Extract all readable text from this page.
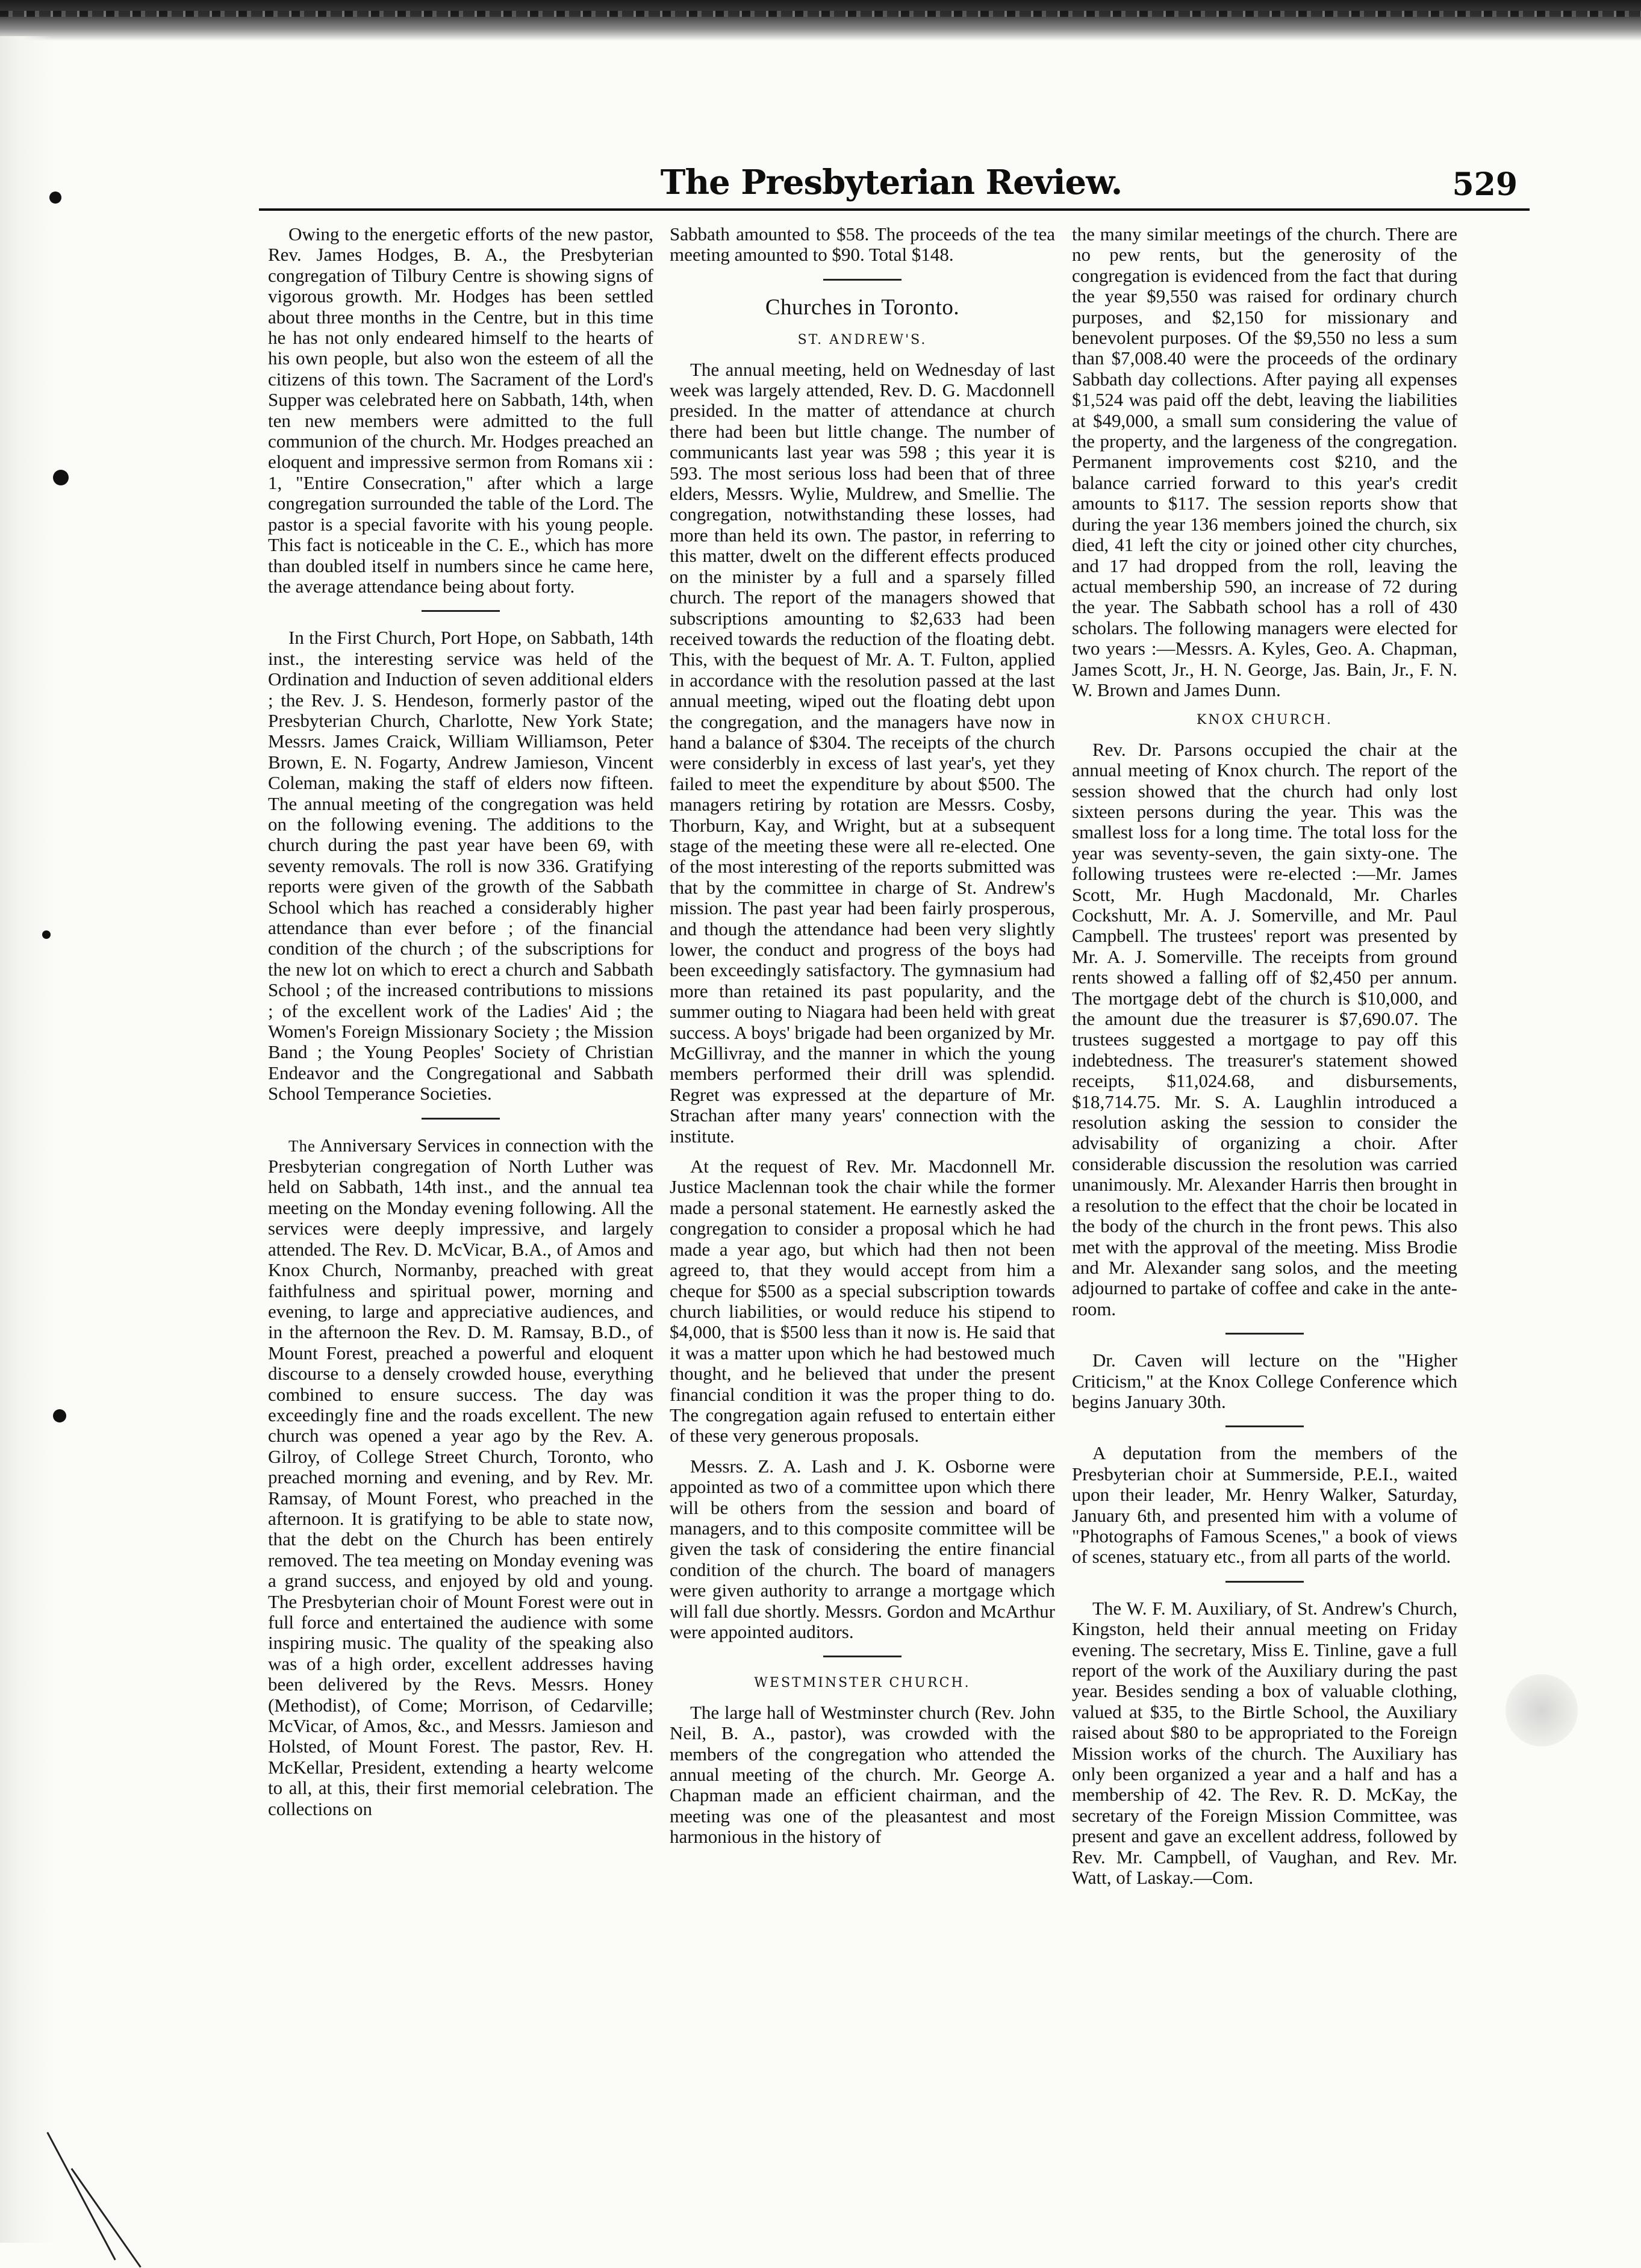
The Presbyterian Review.	529

Owing to the energetic efforts of the new pastor, Rev. James Hodges, B. A., the Presbyterian congregation of Tilbury Centre is showing signs of vigorous growth. Mr. Hodges has been settled about three months in the Centre, but in this time he has not only endeared himself to the hearts of his own people, but also won the esteem of all the citizens of this town. The Sacrament of the Lord's Supper was celebrated here on Sabbath, 14th, when ten new members were admitted to the full communion of the church. Mr. Hodges preached an eloquent and impressive sermon from Romans xii : 1, "Entire Consecration," after which a large congregation surrounded the table of the Lord. The pastor is a special favorite with his young people. This fact is noticeable in the C. E., which has more than doubled itself in numbers since he came here, the average attendance being about forty.

In the First Church, Port Hope, on Sabbath, 14th inst., the interesting service was held of the Ordination and Induction of seven additional elders ; the Rev. J. S. Hendeson, formerly pastor of the Presbyterian Church, Charlotte, New York State; Messrs. James Craick, William Williamson, Peter Brown, E. N. Fogarty, Andrew Jamieson, Vincent Coleman, making the staff of elders now fifteen. The annual meeting of the congregation was held on the following evening. The additions to the church during the past year have been 69, with seventy removals. The roll is now 336. Gratifying reports were given of the growth of the Sabbath School which has reached a considerably higher attendance than ever before ; of the financial condition of the church ; of the subscriptions for the new lot on which to erect a church and Sabbath School ; of the increased contributions to missions ; of the excellent work of the Ladies' Aid ; the Women's Foreign Missionary Society ; the Mission Band ; the Young Peoples' Society of Christian Endeavor and the Congregational and Sabbath School Temperance Societies.

The Anniversary Services in connection with the Presbyterian congregation of North Luther was held on Sabbath, 14th inst., and the annual tea meeting on the Monday evening following. All the services were deeply impressive, and largely attended. The Rev. D. McVicar, B.A., of Amos and Knox Church, Normanby, preached with great faithfulness and spiritual power, morning and evening, to large and appreciative audiences, and in the afternoon the Rev. D. M. Ramsay, B.D., of Mount Forest, preached a powerful and eloquent discourse to a densely crowded house, everything combined to ensure success. The day was exceedingly fine and the roads excellent. The new church was opened a year ago by the Rev. A. Gilroy, of College Street Church, Toronto, who preached morning and evening, and by Rev. Mr. Ramsay, of Mount Forest, who preached in the afternoon. It is gratifying to be able to state now, that the debt on the Church has been entirely removed. The tea meeting on Monday evening was a grand success, and enjoyed by old and young. The Presbyterian choir of Mount Forest were out in full force and entertained the audience with some inspiring music. The quality of the speaking also was of a high order, excellent addresses having been delivered by the Revs. Messrs. Honey (Methodist), of Come; Morrison, of Cedarville; McVicar, of Amos, &c., and Messrs. Jamieson and Holsted, of Mount Forest. The pastor, Rev. H. McKellar, President, extending a hearty welcome to all, at this, their first memorial celebration. The collections on

Sabbath amounted to $58. The proceeds of the tea meeting amounted to $90. Total $148.

Churches in Toronto.
ST. ANDREW'S.

The annual meeting, held on Wednesday of last week was largely attended, Rev. D. G. Macdonnell presided. In the matter of attendance at church there had been but little change. The number of communicants last year was 598 ; this year it is 593. The most serious loss had been that of three elders, Messrs. Wylie, Muldrew, and Smellie. The congregation, notwithstanding these losses, had more than held its own. The pastor, in referring to this matter, dwelt on the different effects produced on the minister by a full and a sparsely filled church. The report of the managers showed that subscriptions amounting to $2,633 had been received towards the reduction of the floating debt. This, with the bequest of Mr. A. T. Fulton, applied in accordance with the resolution passed at the last annual meeting, wiped out the floating debt upon the congregation, and the managers have now in hand a balance of $304. The receipts of the church were considerbly in excess of last year's, yet they failed to meet the expenditure by about $500. The managers retiring by rotation are Messrs. Cosby, Thorburn, Kay, and Wright, but at a subsequent stage of the meeting these were all re-elected. One of the most interesting of the reports submitted was that by the committee in charge of St. Andrew's mission. The past year had been fairly prosperous, and though the attendance had been very slightly lower, the conduct and progress of the boys had been exceedingly satisfactory. The gymnasium had more than retained its past popularity, and the summer outing to Niagara had been held with great success. A boys' brigade had been organized by Mr. McGillivray, and the manner in which the young members performed their drill was splendid. Regret was expressed at the departure of Mr. Strachan after many years' connection with the institute.

At the request of Rev. Mr. Macdonnell Mr. Justice Maclennan took the chair while the former made a personal statement. He earnestly asked the congregation to consider a proposal which he had made a year ago, but which had then not been agreed to, that they would accept from him a cheque for $500 as a special subscription towards church liabilities, or would reduce his stipend to $4,000, that is $500 less than it now is. He said that it was a matter upon which he had bestowed much thought, and he believed that under the present financial condition it was the proper thing to do. The congregation again refused to entertain either of these very generous proposals.

Messrs. Z. A. Lash and J. K. Osborne were appointed as two of a committee upon which there will be others from the session and board of managers, and to this composite committee will be given the task of considering the entire financial condition of the church. The board of managers were given authority to arrange a mortgage which will fall due shortly. Messrs. Gordon and McArthur were appointed auditors.

WESTMINSTER CHURCH.

The large hall of Westminster church (Rev. John Neil, B. A., pastor), was crowded with the members of the congregation who attended the annual meeting of the church. Mr. George A. Chapman made an efficient chairman, and the meeting was one of the pleasantest and most harmonious in the history of

the many similar meetings of the church. There are no pew rents, but the generosity of the congregation is evidenced from the fact that during the year $9,550 was raised for ordinary church purposes, and $2,150 for missionary and benevolent purposes. Of the $9,550 no less a sum than $7,008.40 were the proceeds of the ordinary Sabbath day collections. After paying all expenses $1,524 was paid off the debt, leaving the liabilities at $49,000, a small sum considering the value of the property, and the largeness of the congregation. Permanent improvements cost $210, and the balance carried forward to this year's credit amounts to $117. The session reports show that during the year 136 members joined the church, six died, 41 left the city or joined other city churches, and 17 had dropped from the roll, leaving the actual membership 590, an increase of 72 during the year. The Sabbath school has a roll of 430 scholars. The following managers were elected for two years :—Messrs. A. Kyles, Geo. A. Chapman, James Scott, Jr., H. N. George, Jas. Bain, Jr., F. N. W. Brown and James Dunn.

KNOX CHURCH.

Rev. Dr. Parsons occupied the chair at the annual meeting of Knox church. The report of the session showed that the church had only lost sixteen persons during the year. This was the smallest loss for a long time. The total loss for the year was seventy-seven, the gain sixty-one. The following trustees were re-elected :—Mr. James Scott, Mr. Hugh Macdonald, Mr. Charles Cockshutt, Mr. A. J. Somerville, and Mr. Paul Campbell. The trustees' report was presented by Mr. A. J. Somerville. The receipts from ground rents showed a falling off of $2,450 per annum. The mortgage debt of the church is $10,000, and the amount due the treasurer is $7,690.07. The trustees suggested a mortgage to pay off this indebtedness. The treasurer's statement showed receipts, $11,024.68, and disbursements, $18,714.75. Mr. S. A. Laughlin introduced a resolution asking the session to consider the advisability of organizing a choir. After considerable discussion the resolution was carried unanimously. Mr. Alexander Harris then brought in a resolution to the effect that the choir be located in the body of the church in the front pews. This also met with the approval of the meeting. Miss Brodie and Mr. Alexander sang solos, and the meeting adjourned to partake of coffee and cake in the ante-room.

Dr. Caven will lecture on the "Higher Criticism," at the Knox College Conference which begins January 30th.

A deputation from the members of the Presbyterian choir at Summerside, P.E.I., waited upon their leader, Mr. Henry Walker, Saturday, January 6th, and presented him with a volume of "Photographs of Famous Scenes," a book of views of scenes, statuary etc., from all parts of the world.

The W. F. M. Auxiliary, of St. Andrew's Church, Kingston, held their annual meeting on Friday evening. The secretary, Miss E. Tinline, gave a full report of the work of the Auxiliary during the past year. Besides sending a box of valuable clothing, valued at $35, to the Birtle School, the Auxiliary raised about $80 to be appropriated to the Foreign Mission works of the church. The Auxiliary has only been organized a year and a half and has a membership of 42. The Rev. R. D. McKay, the secretary of the Foreign Mission Committee, was present and gave an excellent address, followed by Rev. Mr. Campbell, of Vaughan, and Rev. Mr. Watt, of Laskay.—Com.
